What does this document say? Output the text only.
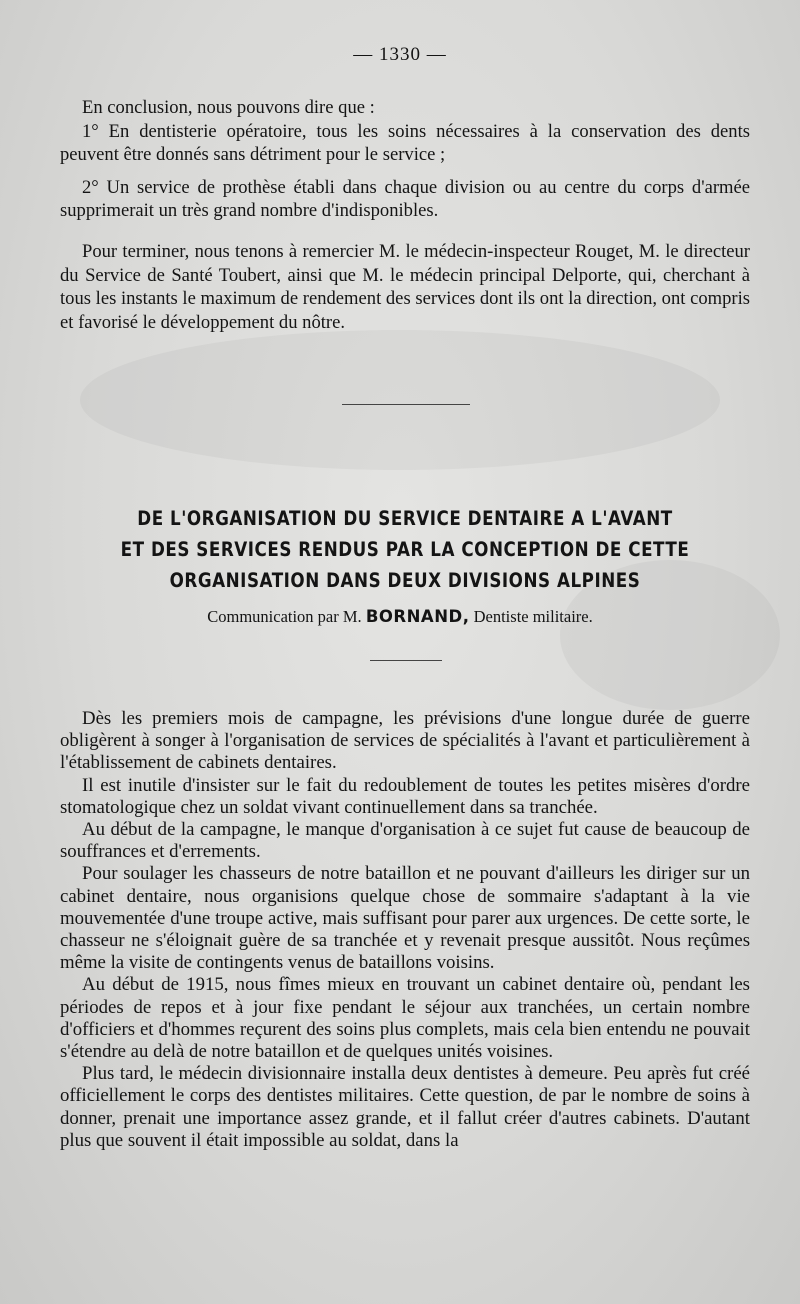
— 1330 —

En conclusion, nous pouvons dire que :

1° En dentisterie opératoire, tous les soins nécessaires à la conservation des dents peuvent être donnés sans détriment pour le service ;

2° Un service de prothèse établi dans chaque division ou au centre du corps d'armée supprimerait un très grand nombre d'indisponibles.

Pour terminer, nous tenons à remercier M. le médecin-inspecteur Rouget, M. le directeur du Service de Santé Toubert, ainsi que M. le médecin principal Delporte, qui, cherchant à tous les instants le maximum de rendement des services dont ils ont la direction, ont compris et favorisé le développement du nôtre.

DE L'ORGANISATION DU SERVICE DENTAIRE A L'AVANT
ET DES SERVICES RENDUS PAR LA CONCEPTION DE CETTE
ORGANISATION DANS DEUX DIVISIONS ALPINES
Communication par M. BORNAND, Dentiste militaire.

Dès les premiers mois de campagne, les prévisions d'une longue durée de guerre obligèrent à songer à l'organisation de services de spécialités à l'avant et particulièrement à l'établissement de cabinets dentaires.

Il est inutile d'insister sur le fait du redoublement de toutes les petites misères d'ordre stomatologique chez un soldat vivant continuellement dans sa tranchée.

Au début de la campagne, le manque d'organisation à ce sujet fut cause de beaucoup de souffrances et d'errements.

Pour soulager les chasseurs de notre bataillon et ne pouvant d'ailleurs les diriger sur un cabinet dentaire, nous organisions quelque chose de sommaire s'adaptant à la vie mouvementée d'une troupe active, mais suffisant pour parer aux urgences. De cette sorte, le chasseur ne s'éloignait guère de sa tranchée et y revenait presque aussitôt. Nous reçûmes même la visite de contingents venus de bataillons voisins.

Au début de 1915, nous fîmes mieux en trouvant un cabinet dentaire où, pendant les périodes de repos et à jour fixe pendant le séjour aux tranchées, un certain nombre d'officiers et d'hommes reçurent des soins plus complets, mais cela bien entendu ne pouvait s'étendre au delà de notre bataillon et de quelques unités voisines.

Plus tard, le médecin divisionnaire installa deux dentistes à demeure. Peu après fut créé officiellement le corps des dentistes militaires. Cette question, de par le nombre de soins à donner, prenait une importance assez grande, et il fallut créer d'autres cabinets. D'autant plus que souvent il était impossible au soldat, dans la
